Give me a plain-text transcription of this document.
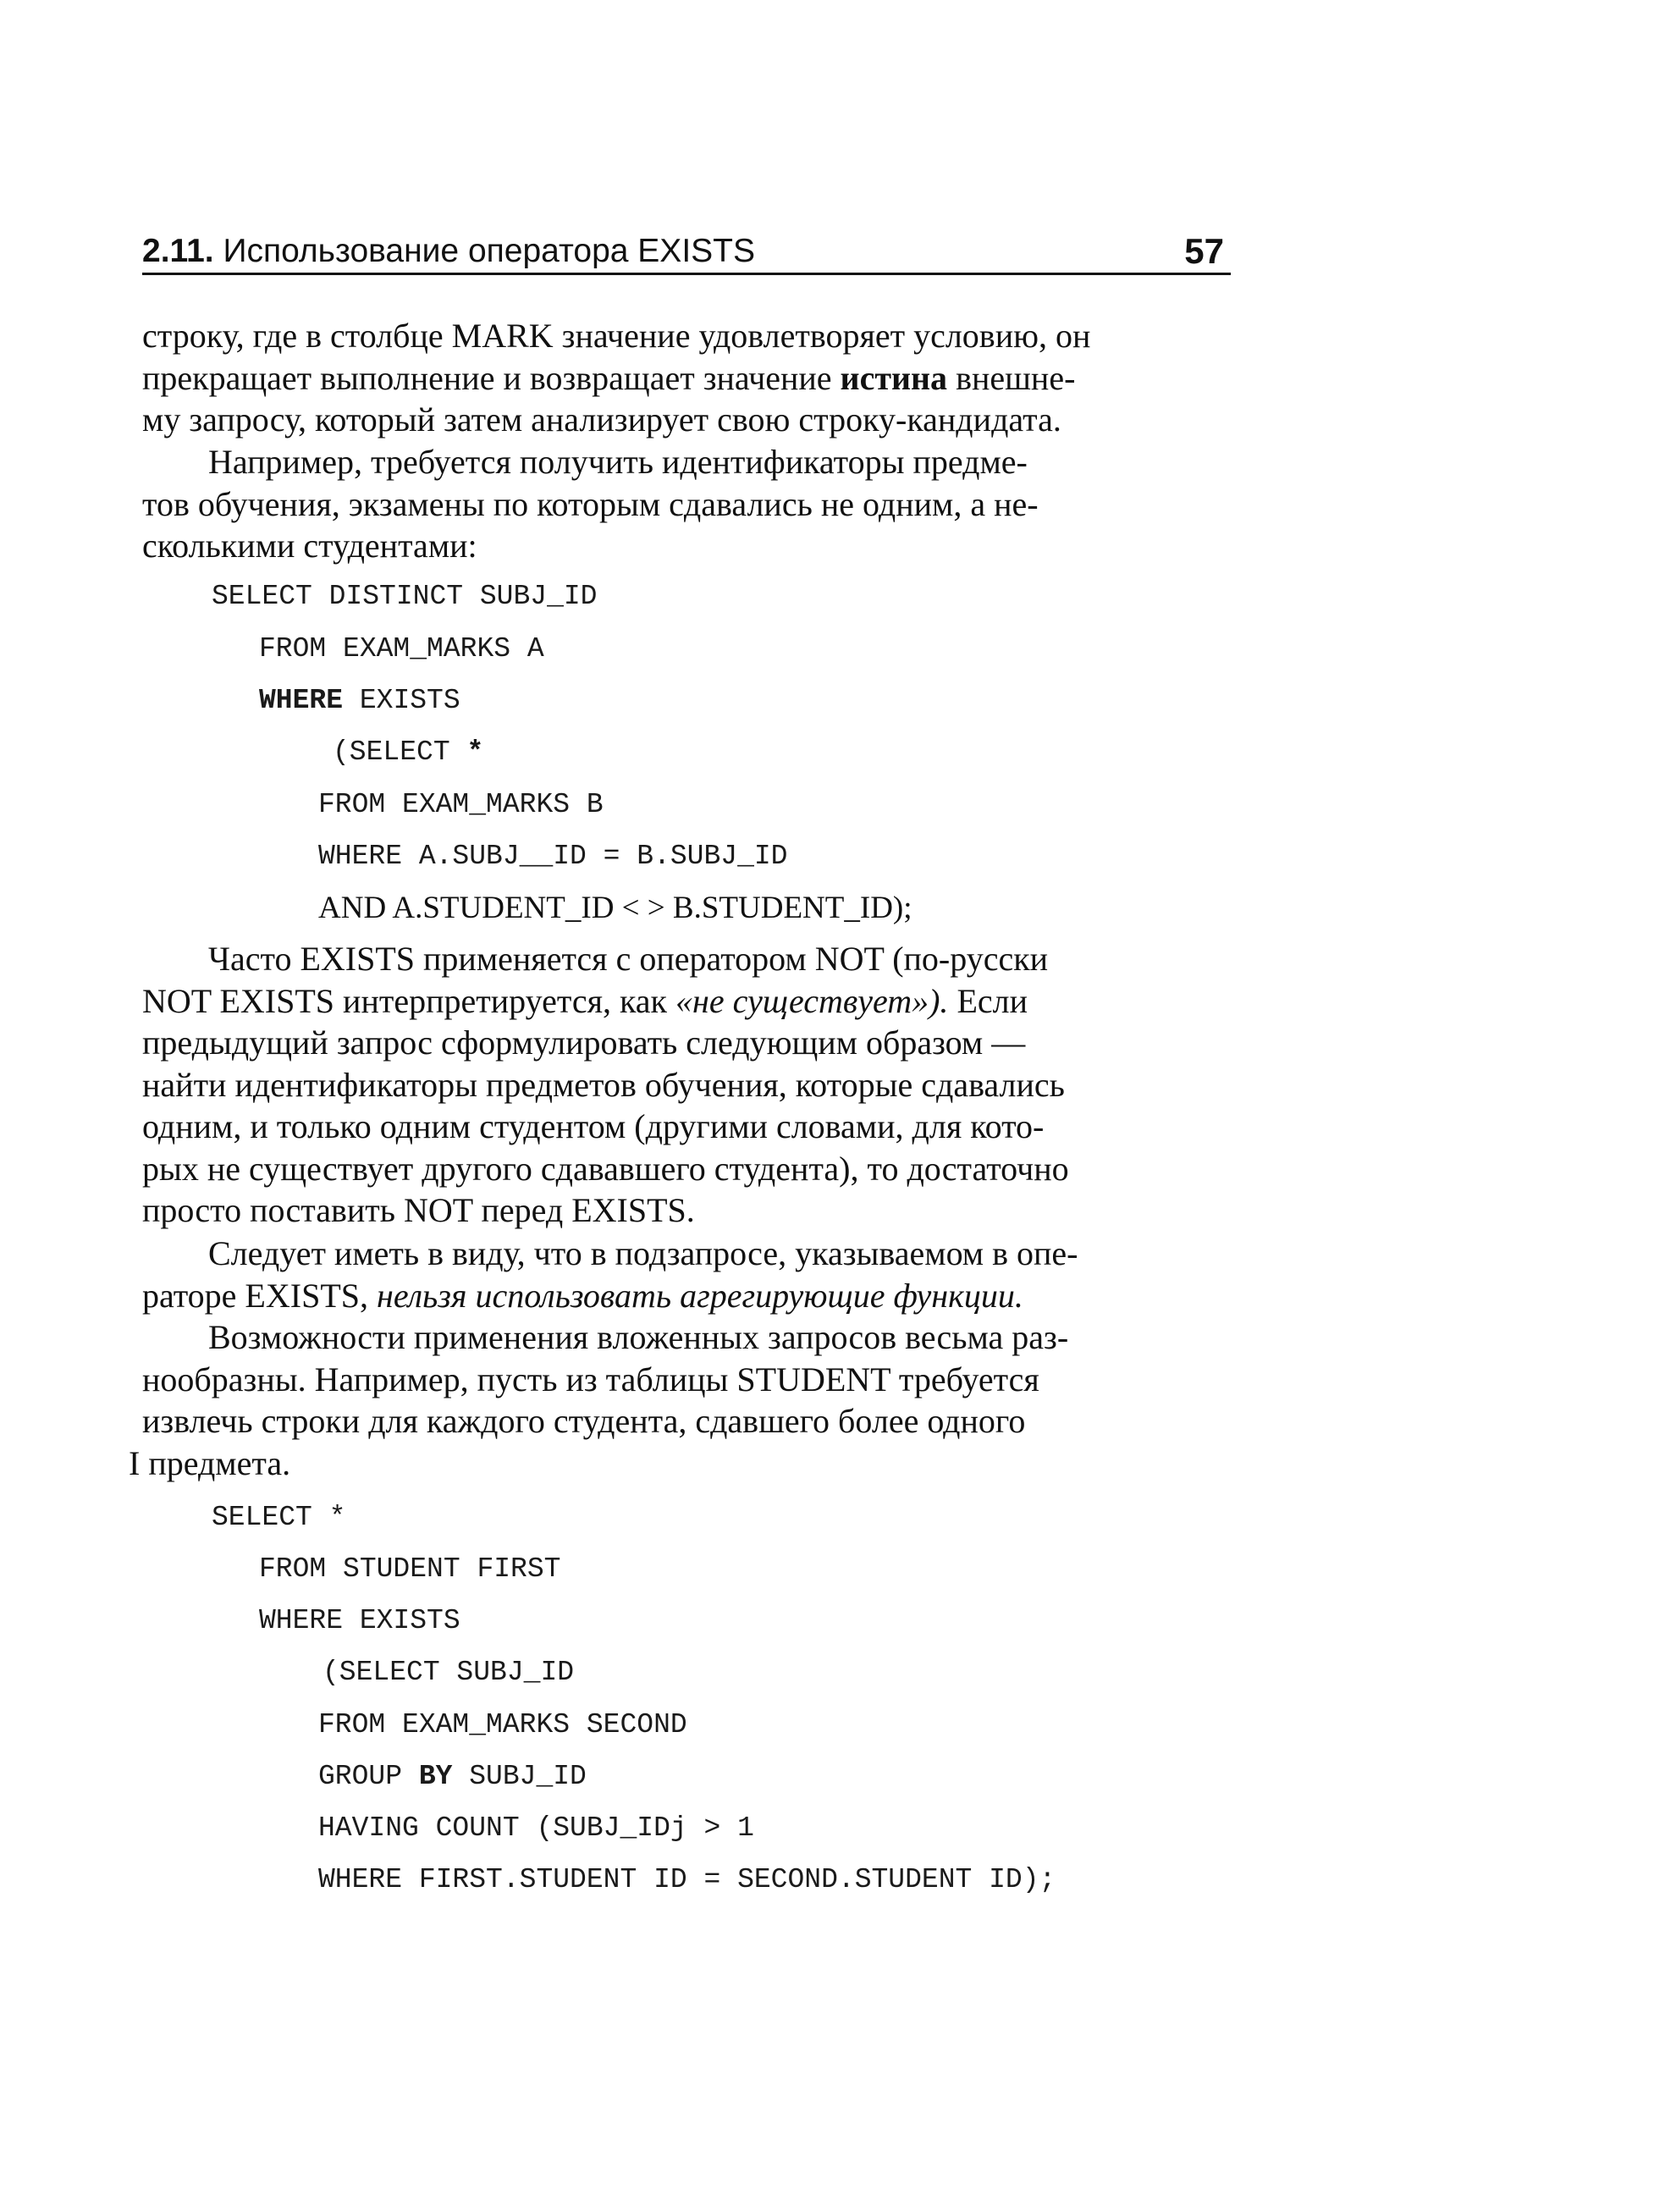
2.11. Использование оператора EXISTS	57
строку, где в столбце MARK значение удовлетворяет условию, он
прекращает выполнение и возвращает значение истина внешне-
му запросу, который затем анализирует свою строку-кандидата.
Например, требуется получить идентификаторы предме-
тов обучения, экзамены по которым сдавались не одним, а не-
сколькими студентами:
SELECT DISTINCT SUBJ_ID
FROM EXAM_MARKS A
WHERE EXISTS
(SELECT *
FROM EXAM_MARKS B
WHERE A.SUBJ__ID = B.SUBJ_ID
AND A.STUDENT_ID < > B.STUDENT_ID);
Часто EXISTS применяется с оператором NOT (по-русски
NOT EXISTS интерпретируется, как «не существует»). Если
предыдущий запрос сформулировать следующим образом —
найти идентификаторы предметов обучения, которые сдавались
одним, и только одним студентом (другими словами, для кото-
рых не существует другого сдававшего студента), то достаточно
просто поставить NOT перед EXISTS.
Следует иметь в виду, что в подзапросе, указываемом в опе-
раторе EXISTS, нельзя использовать агрегирующие функции.
Возможности применения вложенных запросов весьма раз-
нообразны. Например, пусть из таблицы STUDENT требуется
извлечь строки для каждого студента, сдавшего более одного
I предмета.
SELECT *
FROM STUDENT FIRST
WHERE EXISTS
(SELECT SUBJ_ID
FROM EXAM_MARKS SECOND
GROUP BY SUBJ_ID
HAVING COUNT (SUBJ_IDj > 1
WHERE FIRST.STUDENT ID = SECOND.STUDENT ID);
